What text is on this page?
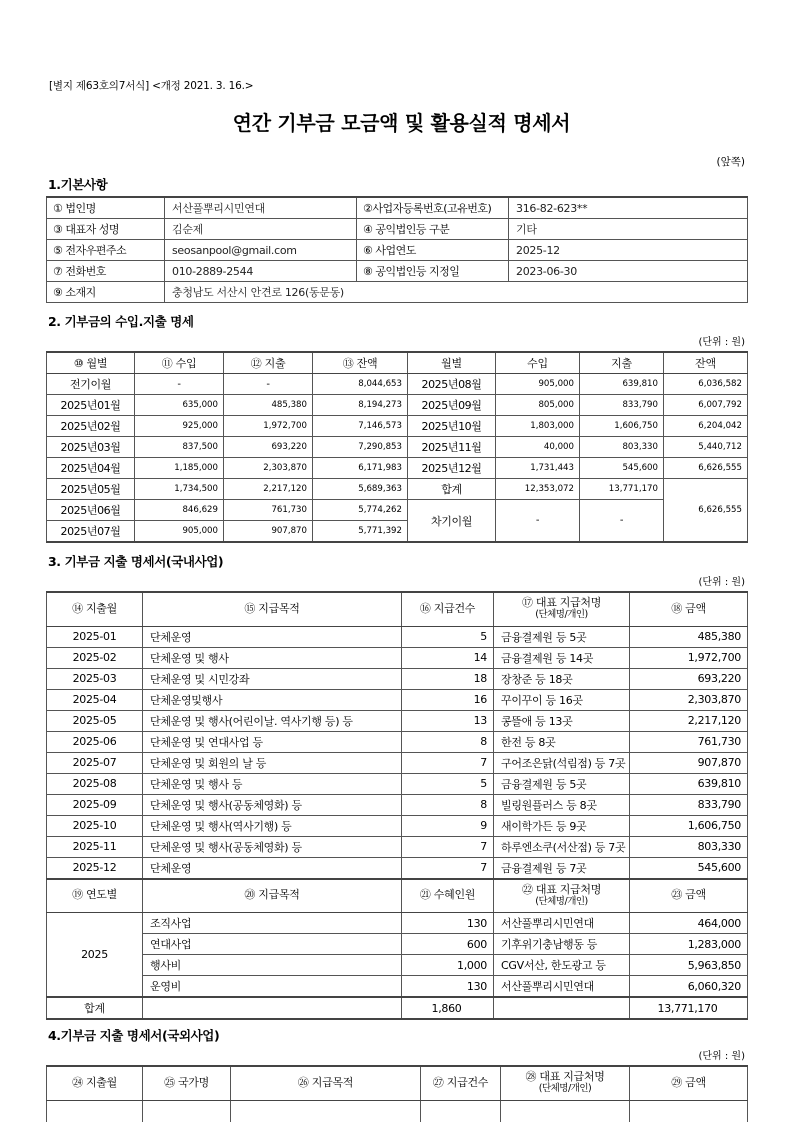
[별지 제63호의7서식] <개정 2021. 3. 16.>
연간 기부금 모금액 및 활용실적 명세서
(앞쪽)
1.기본사항
① 법인명	서산풀뿌리시민연대	②사업자등록번호(고유번호)	316-82-623**
③ 대표자 성명	김순제	④ 공익법인등 구분	기타
⑤ 전자우편주소	seosanpool@gmail.com	⑥ 사업연도	2025-12
⑦ 전화번호	010-2889-2544	⑧ 공익법인등 지정일	2023-06-30
⑨ 소재지	충청남도 서산시 안견로 126(동문동)		
2. 기부금의 수입.지출 명세
(단위 : 원)
⑩ 월별	⑪ 수입	⑫ 지출	⑬ 잔액	월별	수입	지출	잔액
전기이월	-	-	8,044,653	2025년08월	905,000	639,810	6,036,582
2025년01월	635,000	485,380	8,194,273	2025년09월	805,000	833,790	6,007,792
2025년02월	925,000	1,972,700	7,146,573	2025년10월	1,803,000	1,606,750	6,204,042
2025년03월	837,500	693,220	7,290,853	2025년11월	40,000	803,330	5,440,712
2025년04월	1,185,000	2,303,870	6,171,983	2025년12월	1,731,443	545,600	6,626,555
2025년05월	1,734,500	2,217,120	5,689,363	합계	12,353,072	13,771,170	6,626,555
2025년06월	846,629	761,730	5,774,262	차기이월	-	-	
2025년07월	905,000	907,870	5,771,392				
3. 기부금 지출 명세서(국내사업)
(단위 : 원)
⑭ 지출월	⑮ 지급목적	⑯ 지급건수	⑰ 대표 지급처명
(단체명/개인)	⑱ 금액
2025-01	단체운영	5	금융결제원 등 5곳	485,380
2025-02	단체운영 및 행사	14	금융결제원 등 14곳	1,972,700
2025-03	단체운영 및 시민강좌	18	장창준 등 18곳	693,220
2025-04	단체운영및행사	16	꾸이꾸이 등 16곳	2,303,870
2025-05	단체운영 및 행사(어린이날. 역사기행 등) 등	13	콩뜰애 등 13곳	2,217,120
2025-06	단체운영 및 연대사업 등	8	한전 등 8곳	761,730
2025-07	단체운영 및 회원의 날 등	7	구어조은닭(석림점) 등 7곳	907,870
2025-08	단체운영 및 행사 등	5	금융결제원 등 5곳	639,810
2025-09	단체운영 및 행사(공동체영화) 등	8	빌링원플러스 등 8곳	833,790
2025-10	단체운영 및 행사(역사기행) 등	9	새이학가든 등 9곳	1,606,750
2025-11	단체운영 및 행사(공동체영화) 등	7	하루엔소쿠(서산점) 등 7곳	803,330
2025-12	단체운영	7	금융결제원 등 7곳	545,600
⑲ 연도별	⑳ 지급목적	㉑ 수혜인원	㉒ 대표 지급처명
(단체명/개인)	㉓ 금액
2025	조직사업	130	서산풀뿌리시민연대	464,000
	연대사업	600	기후위기충남행동 등	1,283,000
	행사비	1,000	CGV서산, 한도광고 등	5,963,850
	운영비	130	서산풀뿌리시민연대	6,060,320
합계		1,860		13,771,170
4.기부금 지출 명세서(국외사업)
(단위 : 원)
㉔ 지출월	㉕ 국가명	㉖ 지급목적	㉗ 지급건수	㉘ 대표 지급처명
(단체명/개인)	㉙ 금액
